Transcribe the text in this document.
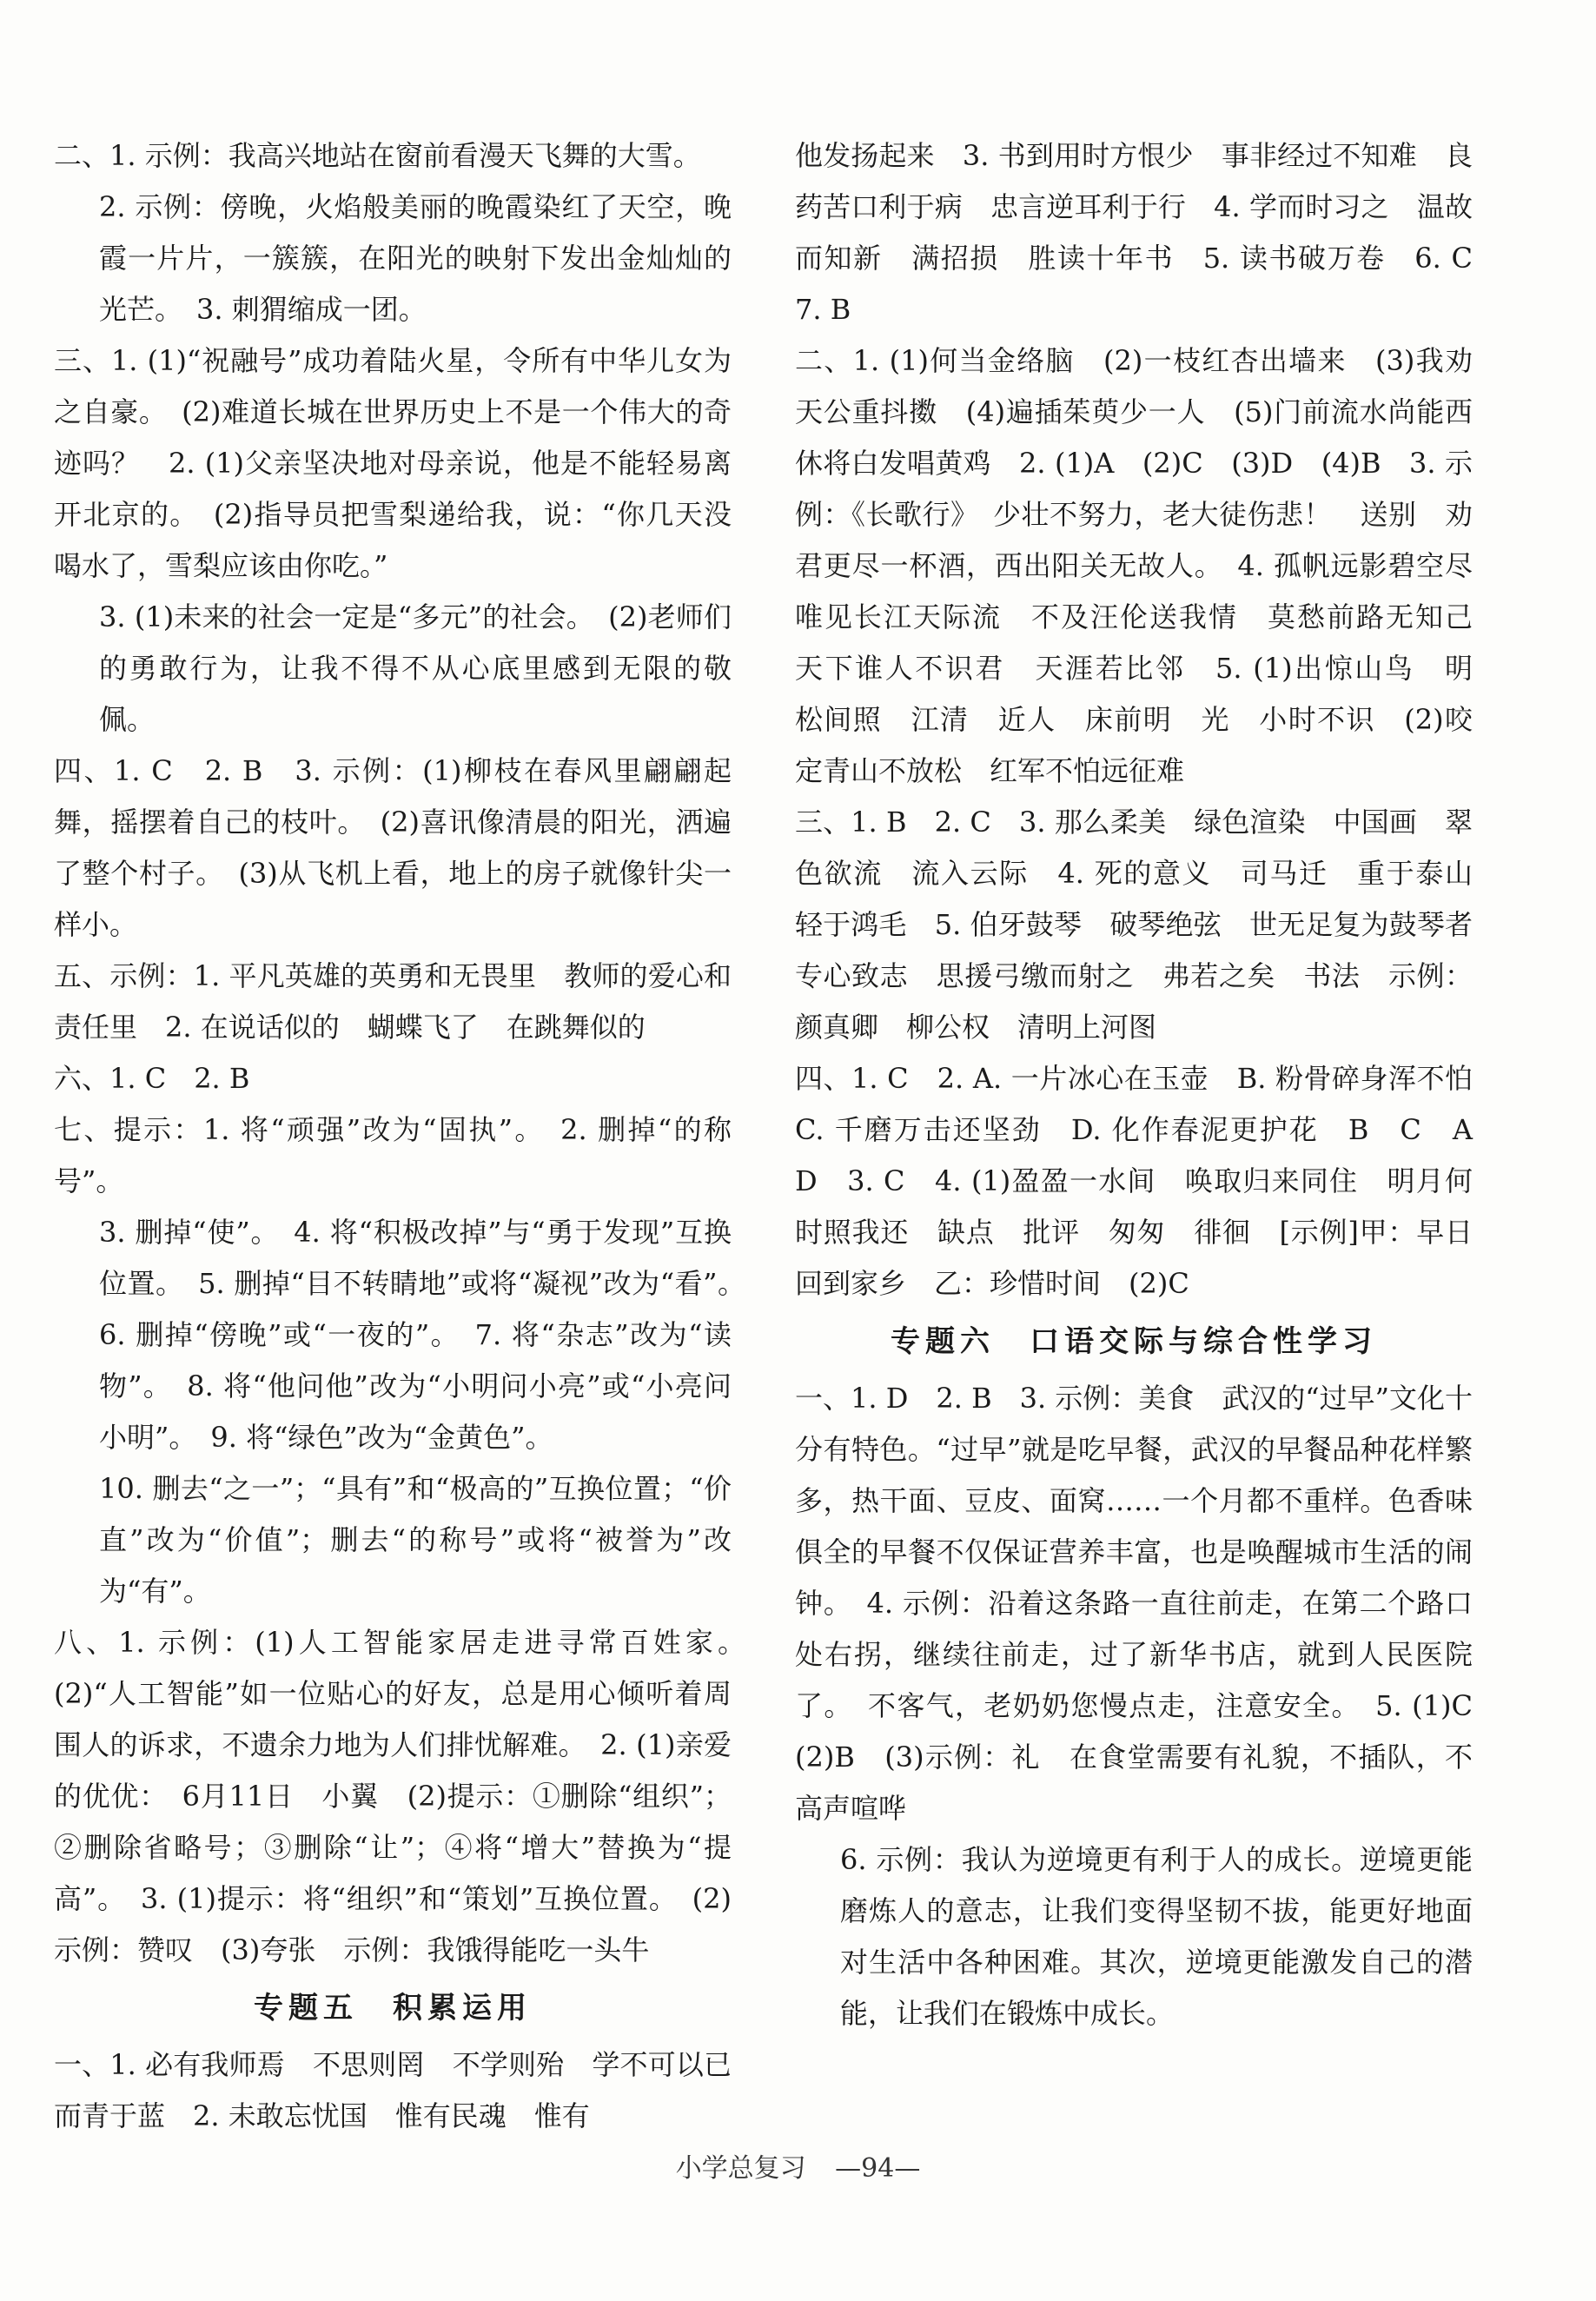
二、1. 示例：我高兴地站在窗前看漫天飞舞的大雪。
2. 示例：傍晚，火焰般美丽的晚霞染红了天空，晚霞一片片，一簇簇，在阳光的映射下发出金灿灿的光芒。　3. 刺猬缩成一团。
三、1. (1)“祝融号”成功着陆火星，令所有中华儿女为之自豪。　(2)难道长城在世界历史上不是一个伟大的奇迹吗？　2. (1)父亲坚决地对母亲说，他是不能轻易离开北京的。　(2)指导员把雪梨递给我，说：“你几天没喝水了，雪梨应该由你吃。”
3. (1)未来的社会一定是“多元”的社会。　(2)老师们的勇敢行为，让我不得不从心底里感到无限的敬佩。
四、1. C　2. B　3. 示例：(1)柳枝在春风里翩翩起舞，摇摆着自己的枝叶。　(2)喜讯像清晨的阳光，洒遍了整个村子。　(3)从飞机上看，地上的房子就像针尖一样小。
五、示例：1. 平凡英雄的英勇和无畏里　教师的爱心和责任里　2. 在说话似的　蝴蝶飞了　在跳舞似的
六、1. C　2. B
七、提示：1. 将“顽强”改为“固执”。　2. 删掉“的称号”。
3. 删掉“使”。　4. 将“积极改掉”与“勇于发现”互换位置。　5. 删掉“目不转睛地”或将“凝视”改为“看”。　6. 删掉“傍晚”或“一夜的”。　7. 将“杂志”改为“读物”。　8. 将“他问他”改为“小明问小亮”或“小亮问小明”。　9. 将“绿色”改为“金黄色”。
10. 删去“之一”；“具有”和“极高的”互换位置；“价直”改为“价值”；删去“的称号”或将“被誉为”改为“有”。
八、1. 示例：(1)人工智能家居走进寻常百姓家。　(2)“人工智能”如一位贴心的好友，总是用心倾听着周围人的诉求，不遗余力地为人们排忧解难。　2. (1)亲爱的优优：　6月11日　小翼　(2)提示：①删除“组织”；②删除省略号；③删除“让”；④将“增大”替换为“提高”。　3. (1)提示：将“组织”和“策划”互换位置。　(2)示例：赞叹　(3)夸张　示例：我饿得能吃一头牛
专题五　积累运用
一、1. 必有我师焉　不思则罔　不学则殆　学不可以已　而青于蓝　2. 未敢忘忧国　惟有民魂　惟有
他发扬起来　3. 书到用时方恨少　事非经过不知难　良药苦口利于病　忠言逆耳利于行　4. 学而时习之　温故而知新　满招损　胜读十年书　5. 读书破万卷　6. C　7. B
二、1. (1)何当金络脑　(2)一枝红杏出墙来　(3)我劝天公重抖擞　(4)遍插茱萸少一人　(5)门前流水尚能西　休将白发唱黄鸡　2. (1)A　(2)C　(3)D　(4)B　3. 示例：《长歌行》　少壮不努力，老大徒伤悲！　送别　劝君更尽一杯酒，西出阳关无故人。　4. 孤帆远影碧空尽　唯见长江天际流　不及汪伦送我情　莫愁前路无知己　天下谁人不识君　天涯若比邻　5. (1)出惊山鸟　明　松间照　江清　近人　床前明　光　小时不识　(2)咬定青山不放松　红军不怕远征难
三、1. B　2. C　3. 那么柔美　绿色渲染　中国画　翠色欲流　流入云际　4. 死的意义　司马迁　重于泰山　轻于鸿毛　5. 伯牙鼓琴　破琴绝弦　世无足复为鼓琴者　专心致志　思援弓缴而射之　弗若之矣　书法　示例：颜真卿　柳公权　清明上河图
四、1. C　2. A. 一片冰心在玉壶　B. 粉骨碎身浑不怕　C. 千磨万击还坚劲　D. 化作春泥更护花　B　C　A　D　3. C　4. (1)盈盈一水间　唤取归来同住　明月何时照我还　缺点　批评　匆匆　徘徊　[示例]甲：早日回到家乡　乙：珍惜时间　(2)C
专题六　口语交际与综合性学习
一、1. D　2. B　3. 示例：美食　武汉的“过早”文化十分有特色。“过早”就是吃早餐，武汉的早餐品种花样繁多，热干面、豆皮、面窝……一个月都不重样。色香味俱全的早餐不仅保证营养丰富，也是唤醒城市生活的闹钟。　4. 示例：沿着这条路一直往前走，在第二个路口处右拐，继续往前走，过了新华书店，就到人民医院了。　不客气，老奶奶您慢点走，注意安全。　5. (1)C　(2)B　(3)示例：礼　在食堂需要有礼貌，不插队，不高声喧哗
6. 示例：我认为逆境更有利于人的成长。逆境更能磨炼人的意志，让我们变得坚韧不拔，能更好地面对生活中各种困难。其次，逆境更能激发自己的潜能，让我们在锻炼中成长。
小学总复习 —94—
